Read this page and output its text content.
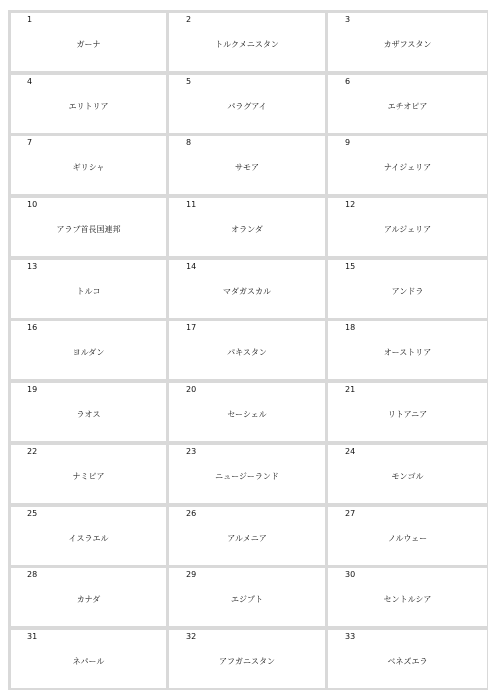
1
ガーナ
2
トルクメニスタン
3
カザフスタン
4
エリトリア
5
パラグアイ
6
エチオピア
7
ギリシャ
8
サモア
9
ナイジェリア
10
アラブ首長国連邦
11
オランダ
12
アルジェリア
13
トルコ
14
マダガスカル
15
アンドラ
16
ヨルダン
17
パキスタン
18
オーストリア
19
ラオス
20
セーシェル
21
リトアニア
22
ナミビア
23
ニュージーランド
24
モンゴル
25
イスラエル
26
アルメニア
27
ノルウェー
28
カナダ
29
エジプト
30
セントルシア
31
ネパール
32
アフガニスタン
33
ベネズエラ
